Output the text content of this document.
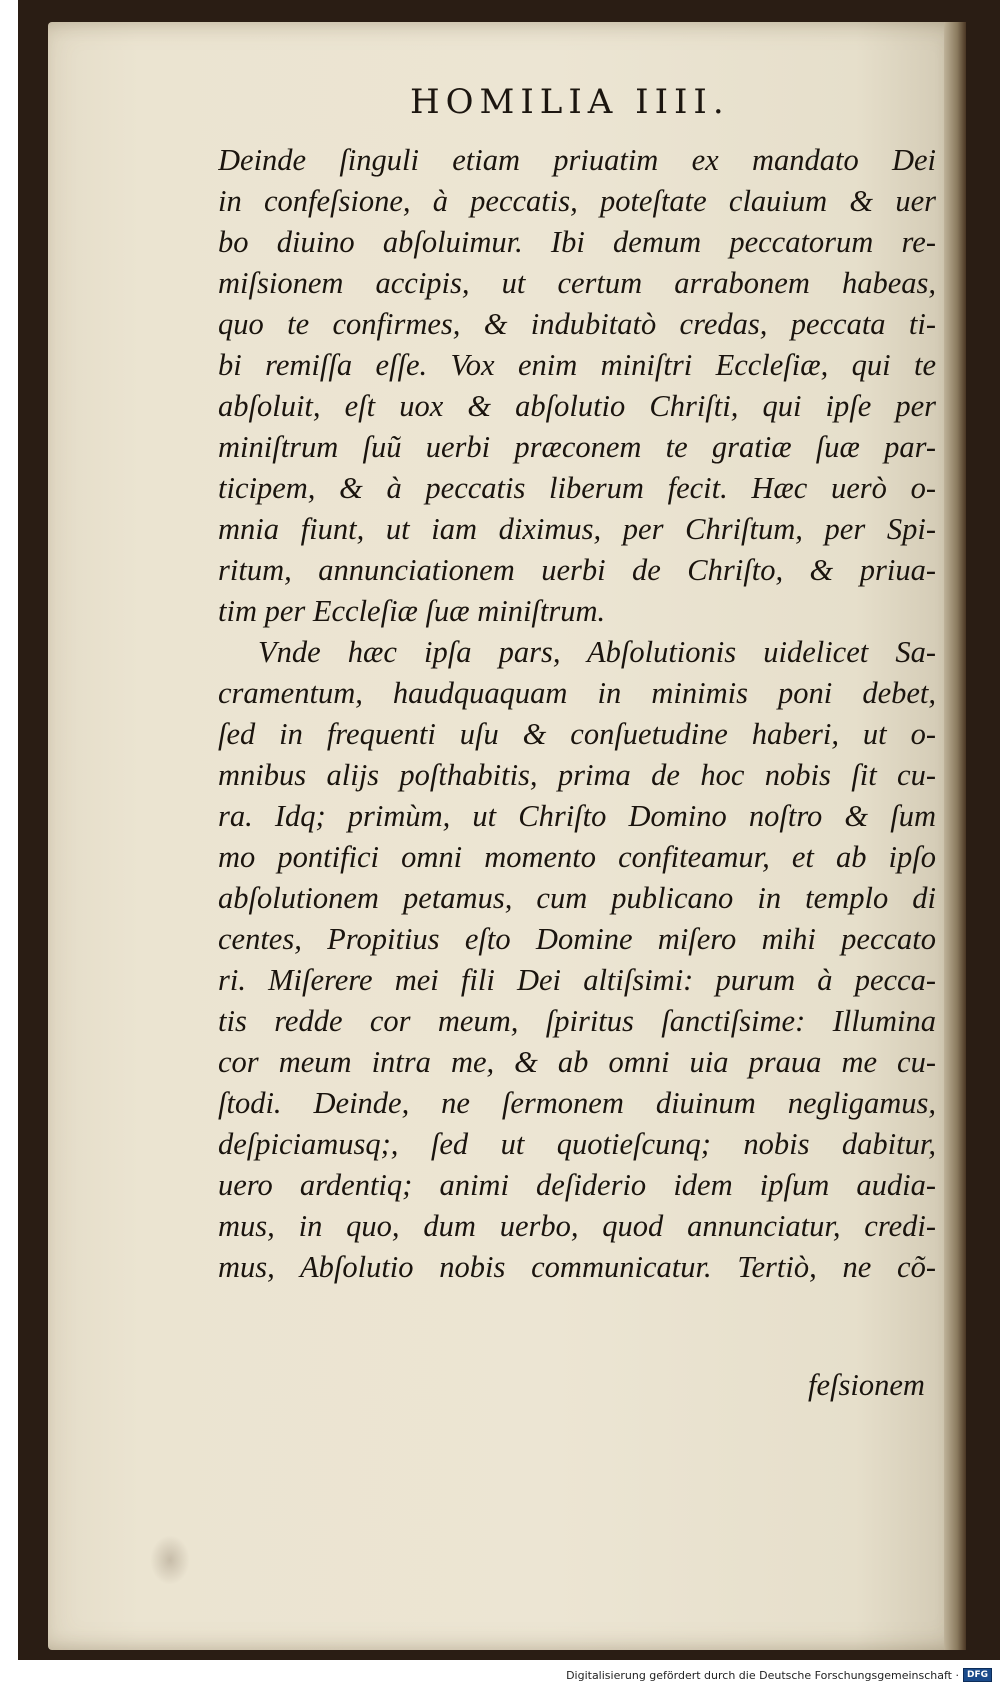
HOMILIA IIII.
Deinde ſinguli etiam priuatim ex mandato Dei
in confeſsione, à peccatis, poteſtate clauium & uer
bo diuino abſoluimur. Ibi demum peccatorum re-
miſsionem accipis, ut certum arrabonem habeas,
quo te confirmes, & indubitatò credas, peccata ti-
bi remiſſa eſſe. Vox enim miniſtri Eccleſiæ, qui te
abſoluit, eſt uox & abſolutio Chriſti, qui ipſe per
miniſtrum ſuũ uerbi præconem te gratiæ ſuæ par-
ticipem, & à peccatis liberum fecit. Hæc uerò o-
mnia fiunt, ut iam diximus, per Chriſtum, per Spi-
ritum, annunciationem uerbi de Chriſto, & priua-
tim per Eccleſiæ ſuæ miniſtrum.
Vnde hæc ipſa pars, Abſolutionis uidelicet Sa-
cramentum, haudquaquam in minimis poni debet,
ſed in frequenti uſu & conſuetudine haberi, ut o-
mnibus alijs poſthabitis, prima de hoc nobis ſit cu-
ra. Idq; primùm, ut Chriſto Domino noſtro & ſum
mo pontifici omni momento confiteamur, et ab ipſo
abſolutionem petamus, cum publicano in templo di
centes, Propitius eſto Domine miſero mihi peccato
ri. Miſerere mei fili Dei altiſsimi: purum à pecca-
tis redde cor meum, ſpiritus ſanctiſsime: Illumina
cor meum intra me, & ab omni uia praua me cu-
ſtodi. Deinde, ne ſermonem diuinum negligamus,
deſpiciamusq;, ſed ut quotieſcunq; nobis dabitur,
uero ardentiq; animi deſiderio idem ipſum audia-
mus, in quo, dum uerbo, quod annunciatur, credi-
mus, Abſolutio nobis communicatur. Tertiò, ne cõ-
feſsionem
Digitalisierung gefördert durch die Deutsche Forschungsgemeinschaft · DFG
